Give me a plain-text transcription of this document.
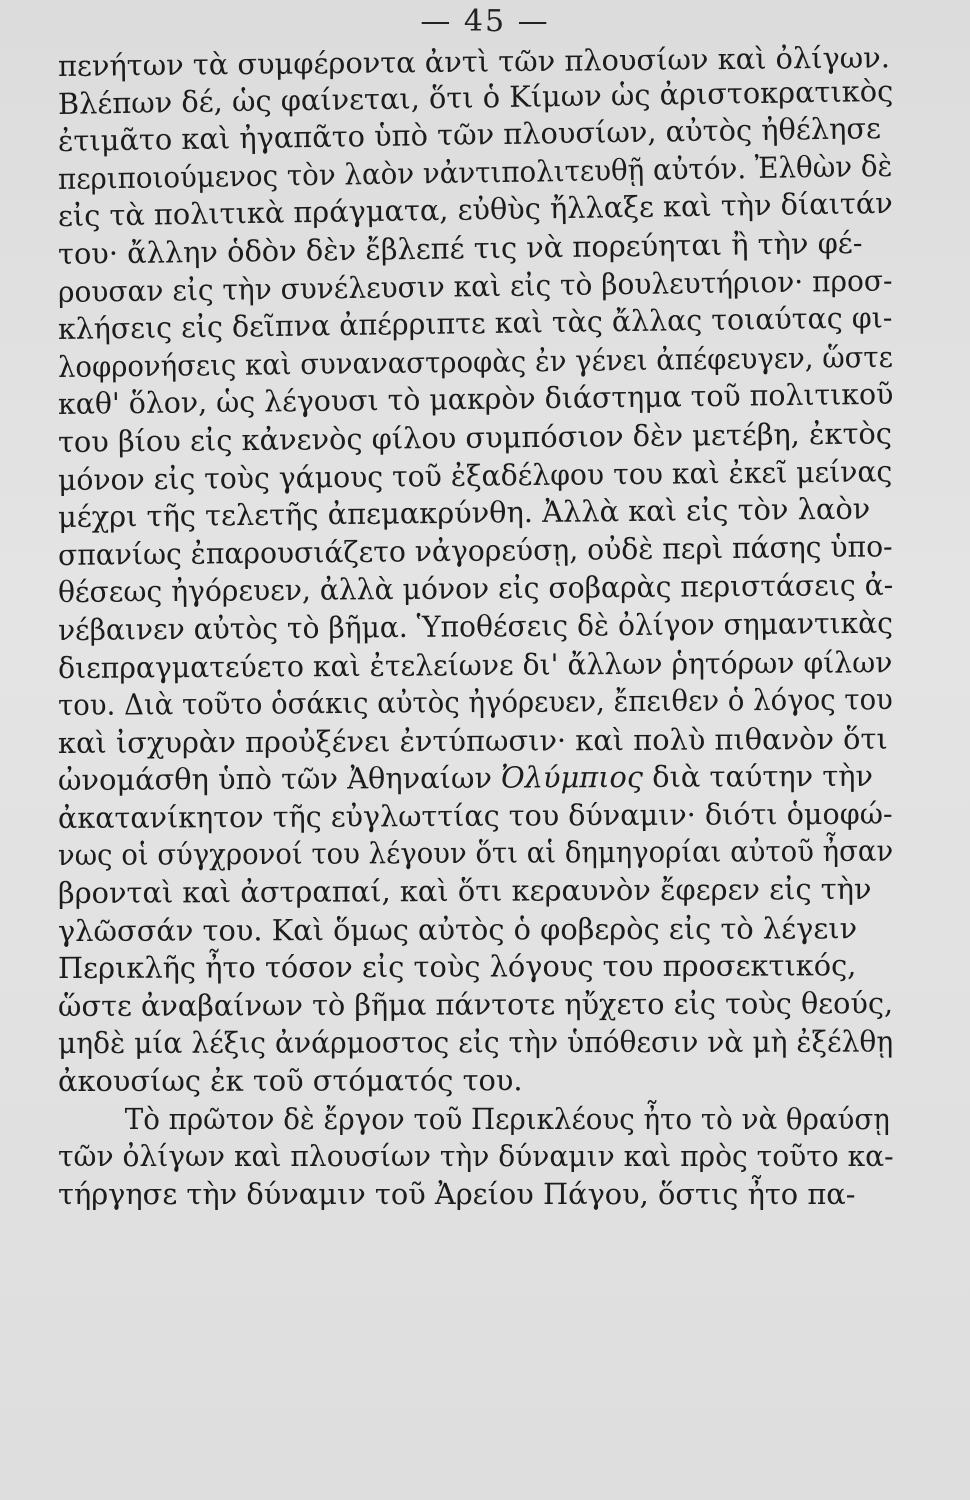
— 45 —
πενήτων τὰ συμφέροντα ἀντὶ τῶν πλουσίων καὶ ὀλίγων.
Βλέπων δέ, ὡς φαίνεται, ὅτι ὁ Κίμων ὡς ἀριστοκρατικὸς
ἐτιμᾶτο καὶ ἠγαπᾶτο ὑπὸ τῶν πλουσίων, αὐτὸς ἠθέλησε
περιποιούμενος τὸν λαὸν νἀντιπολιτευθῇ αὐτόν. Ἐλθὼν δὲ
εἰς τὰ πολιτικὰ πράγματα, εὐθὺς ἤλλαξε καὶ τὴν δίαιτάν
του· ἄλλην ὁδὸν δὲν ἔβλεπέ τις νὰ πορεύηται ἢ τὴν φέ-
ρουσαν εἰς τὴν συνέλευσιν καὶ εἰς τὸ βουλευτήριον· προσ-
κλήσεις εἰς δεῖπνα ἀπέρριπτε καὶ τὰς ἄλλας τοιαύτας φι-
λοφρονήσεις καὶ συναναστροφὰς ἐν γένει ἀπέφευγεν, ὥστε
καθ' ὅλον, ὡς λέγουσι τὸ μακρὸν διάστημα τοῦ πολιτικοῦ
του βίου εἰς κἀνενὸς φίλου συμπόσιον δὲν μετέβη, ἐκτὸς
μόνον εἰς τοὺς γάμους τοῦ ἐξαδέλφου του καὶ ἐκεῖ μείνας
μέχρι τῆς τελετῆς ἀπεμακρύνθη. Ἀλλὰ καὶ εἰς τὸν λαὸν
σπανίως ἐπαρουσιάζετο νἀγορεύσῃ, οὐδὲ περὶ πάσης ὑπο-
θέσεως ἠγόρευεν, ἀλλὰ μόνον εἰς σοβαρὰς περιστάσεις ἀ-
νέβαινεν αὐτὸς τὸ βῆμα. Ὑποθέσεις δὲ ὀλίγον σημαντικὰς
διεπραγματεύετο καὶ ἐτελείωνε δι' ἄλλων ῥητόρων φίλων
του. Διὰ τοῦτο ὁσάκις αὐτὸς ἠγόρευεν, ἔπειθεν ὁ λόγος του
καὶ ἰσχυρὰν προὐξένει ἐντύπωσιν· καὶ πολὺ πιθανὸν ὅτι
ὠνομάσθη ὑπὸ τῶν Ἀθηναίων Ὀλύμπιος διὰ ταύτην τὴν
ἀκατανίκητον τῆς εὐγλωττίας του δύναμιν· διότι ὁμοφώ-
νως οἱ σύγχρονοί του λέγουν ὅτι αἱ δημηγορίαι αὐτοῦ ἦσαν
βρονταὶ καὶ ἀστραπαί, καὶ ὅτι κεραυνὸν ἔφερεν εἰς τὴν
γλῶσσάν του. Καὶ ὅμως αὐτὸς ὁ φοβερὸς εἰς τὸ λέγειν
Περικλῆς ἦτο τόσον εἰς τοὺς λόγους του προσεκτικός,
ὥστε ἀναβαίνων τὸ βῆμα πάντοτε ηὔχετο εἰς τοὺς θεούς,
μηδὲ μία λέξις ἀνάρμοστος εἰς τὴν ὑπόθεσιν νὰ μὴ ἐξέλθῃ
ἀκουσίως ἐκ τοῦ στόματός του.
Τὸ πρῶτον δὲ ἔργον τοῦ Περικλέους ἦτο τὸ νὰ θραύσῃ
τῶν ὀλίγων καὶ πλουσίων τὴν δύναμιν καὶ πρὸς τοῦτο κα-
τήργησε τὴν δύναμιν τοῦ Ἀρείου Πάγου, ὅστις ἦτο πα-
